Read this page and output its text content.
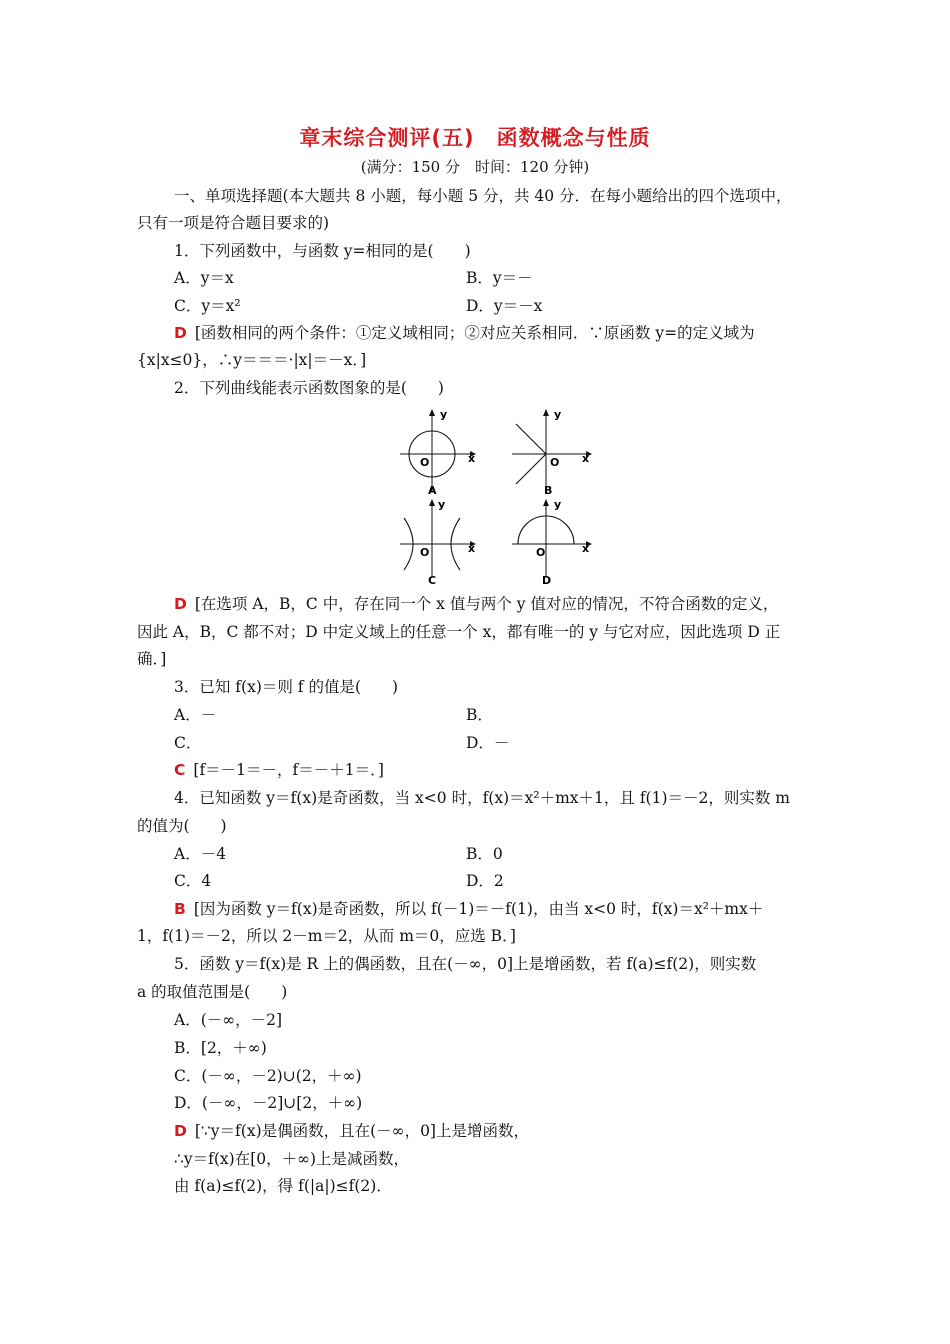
章末综合测评(五)　函数概念与性质
(满分：150 分　时间：120 分钟)
一、单项选择题(本大题共 8 小题，每小题 5 分，共 40 分．在每小题给出的四个选项中，
只有一项是符合题目要求的)
1．下列函数中，与函数 y=相同的是(　　)
A．y＝x	B．y＝－
C．y＝x²	D．y＝－x
D [函数相同的两个条件：①定义域相同；②对应关系相同．∵原函数 y=的定义域为
{x|x≤0}，∴y＝＝＝·|x|＝－x．]
2．下列曲线能表示函数图象的是(　　)
y
O	x
A
y
O x
B
y
O	x
C
y
O	x
D
D [在选项 A，B，C 中，存在同一个 x 值与两个 y 值对应的情况，不符合函数的定义，
因此 A，B，C 都不对；D 中定义域上的任意一个 x，都有唯一的 y 与它对应，因此选项 D 正
确．]
3．已知 f(x)＝则 f 的值是(　　)
A．－	B．
C．	D．－
C [f＝－1＝－，f＝－＋1＝．]
4．已知函数 y＝f(x)是奇函数，当 x<0 时，f(x)＝x²＋mx＋1，且 f(1)＝－2，则实数 m
的值为(　　)
A．－4	B．0
C．4	D．2
B [因为函数 y＝f(x)是奇函数，所以 f(－1)＝－f(1)，由当 x<0 时，f(x)＝x²＋mx＋
1，f(1)＝－2，所以 2－m＝2，从而 m＝0，应选 B．]
5．函数 y＝f(x)是 R 上的偶函数，且在(－∞，0]上是增函数，若 f(a)≤f(2)，则实数
a 的取值范围是(　　)
A．(－∞，－2]
B．[2，＋∞)
C．(－∞，－2)∪(2，＋∞)
D．(－∞，－2]∪[2，＋∞)
D [∵y＝f(x)是偶函数，且在(－∞，0]上是增函数，
∴y＝f(x)在[0，＋∞)上是减函数，
由 f(a)≤f(2)，得 f(|a|)≤f(2)．
